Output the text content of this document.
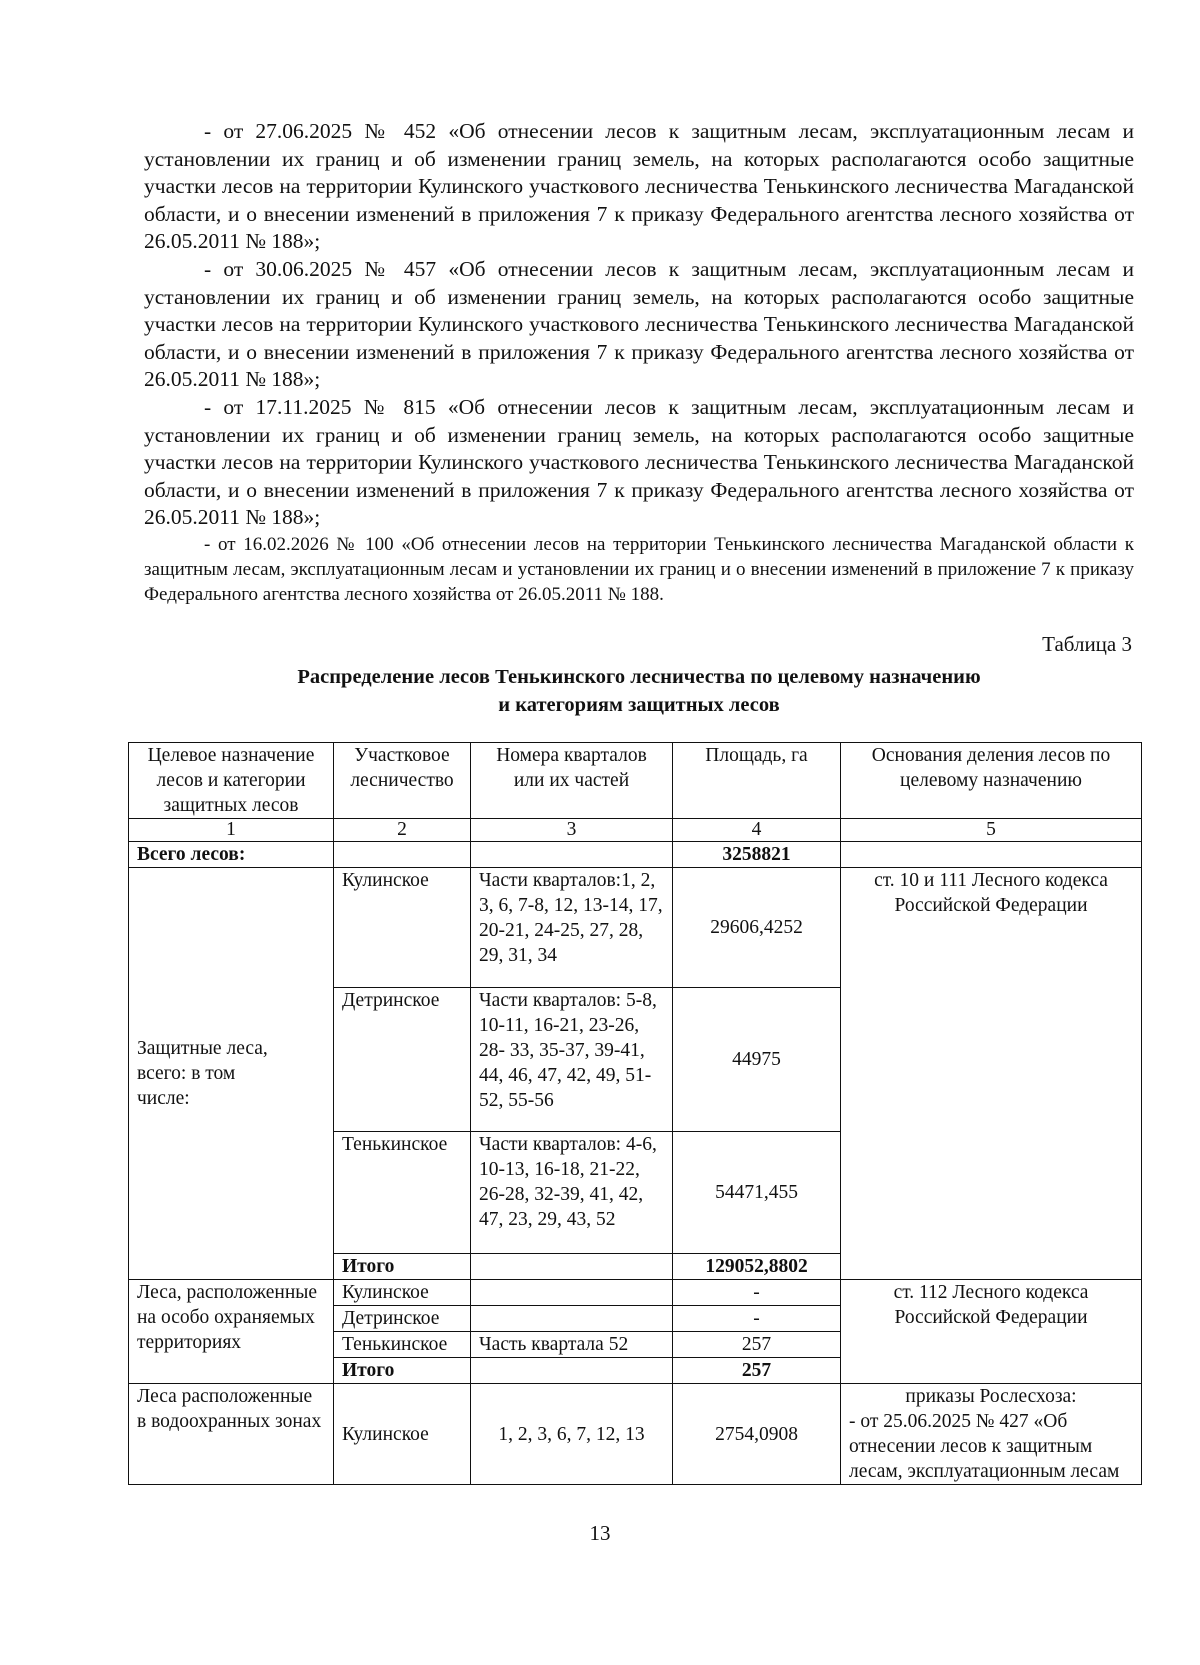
- от 27.06.2025 № 452 «Об отнесении лесов к защитным лесам, эксплуатационным лесам и установлении их границ и об изменении границ земель, на которых располагаются особо защитные участки лесов на территории Кулинского участкового лесничества Тенькинского лесничества Магаданской области, и о внесении изменений в приложения 7 к приказу Федерального агентства лесного хозяйства от 26.05.2011 № 188»;
- от 30.06.2025 № 457 «Об отнесении лесов к защитным лесам, эксплуатационным лесам и установлении их границ и об изменении границ земель, на которых располагаются особо защитные участки лесов на территории Кулинского участкового лесничества Тенькинского лесничества Магаданской области, и о внесении изменений в приложения 7 к приказу Федерального агентства лесного хозяйства от 26.05.2011 № 188»;
- от 17.11.2025 № 815 «Об отнесении лесов к защитным лесам, эксплуатационным лесам и установлении их границ и об изменении границ земель, на которых располагаются особо защитные участки лесов на территории Кулинского участкового лесничества Тенькинского лесничества Магаданской области, и о внесении изменений в приложения 7 к приказу Федерального агентства лесного хозяйства от 26.05.2011 № 188»;
- от 16.02.2026 № 100 «Об отнесении лесов на территории Тенькинского лесничества Магаданской области к защитным лесам, эксплуатационным лесам и установлении их границ и о внесении изменений в приложение 7 к приказу Федерального агентства лесного хозяйства от 26.05.2011 № 188.
Таблица 3
Распределение лесов Тенькинского лесничества по целевому назначению
и категориям защитных лесов
Целевое назначение лесов и категории защитных лесов	Участковое лесничество	Номера кварталов или их частей	Площадь, га	Основания деления лесов по целевому назначению
1	2	3	4	5
Всего лесов:			3258821	

Защитные леса, всего: в том числе:	Кулинское	Части кварталов:1, 2, 3, 6, 7-8, 12, 13-14, 17, 20-21, 24-25, 27, 28, 29, 31, 34	29606,4252	ст. 10 и 111 Лесного кодекса Российской Федерации
	Детринское	Части кварталов: 5-8, 10-11, 16-21, 23-26, 28- 33, 35-37, 39-41, 44, 46, 47, 42, 49, 51-52, 55-56	44975	
	Тенькинское	Части кварталов: 4-6, 10-13, 16-18, 21-22, 26-28, 32-39, 41, 42, 47, 23, 29, 43, 52	54471,455	
	Итого		129052,8802	
Леса, расположенные на особо охраняемых территориях	Кулинское		-	ст. 112 Лесного кодекса Российской Федерации
	Детринское		-	
	Тенькинское	Часть квартала 52	257	
	Итого		257	
Леса расположенные в водоохранных зонах	Кулинское	1, 2, 3, 6, 7, 12, 13	2754,0908	приказы Рослесхоза:
- от 25.06.2025 № 427 «Об отнесении лесов к защитным лесам, эксплуатационным лесам
13
